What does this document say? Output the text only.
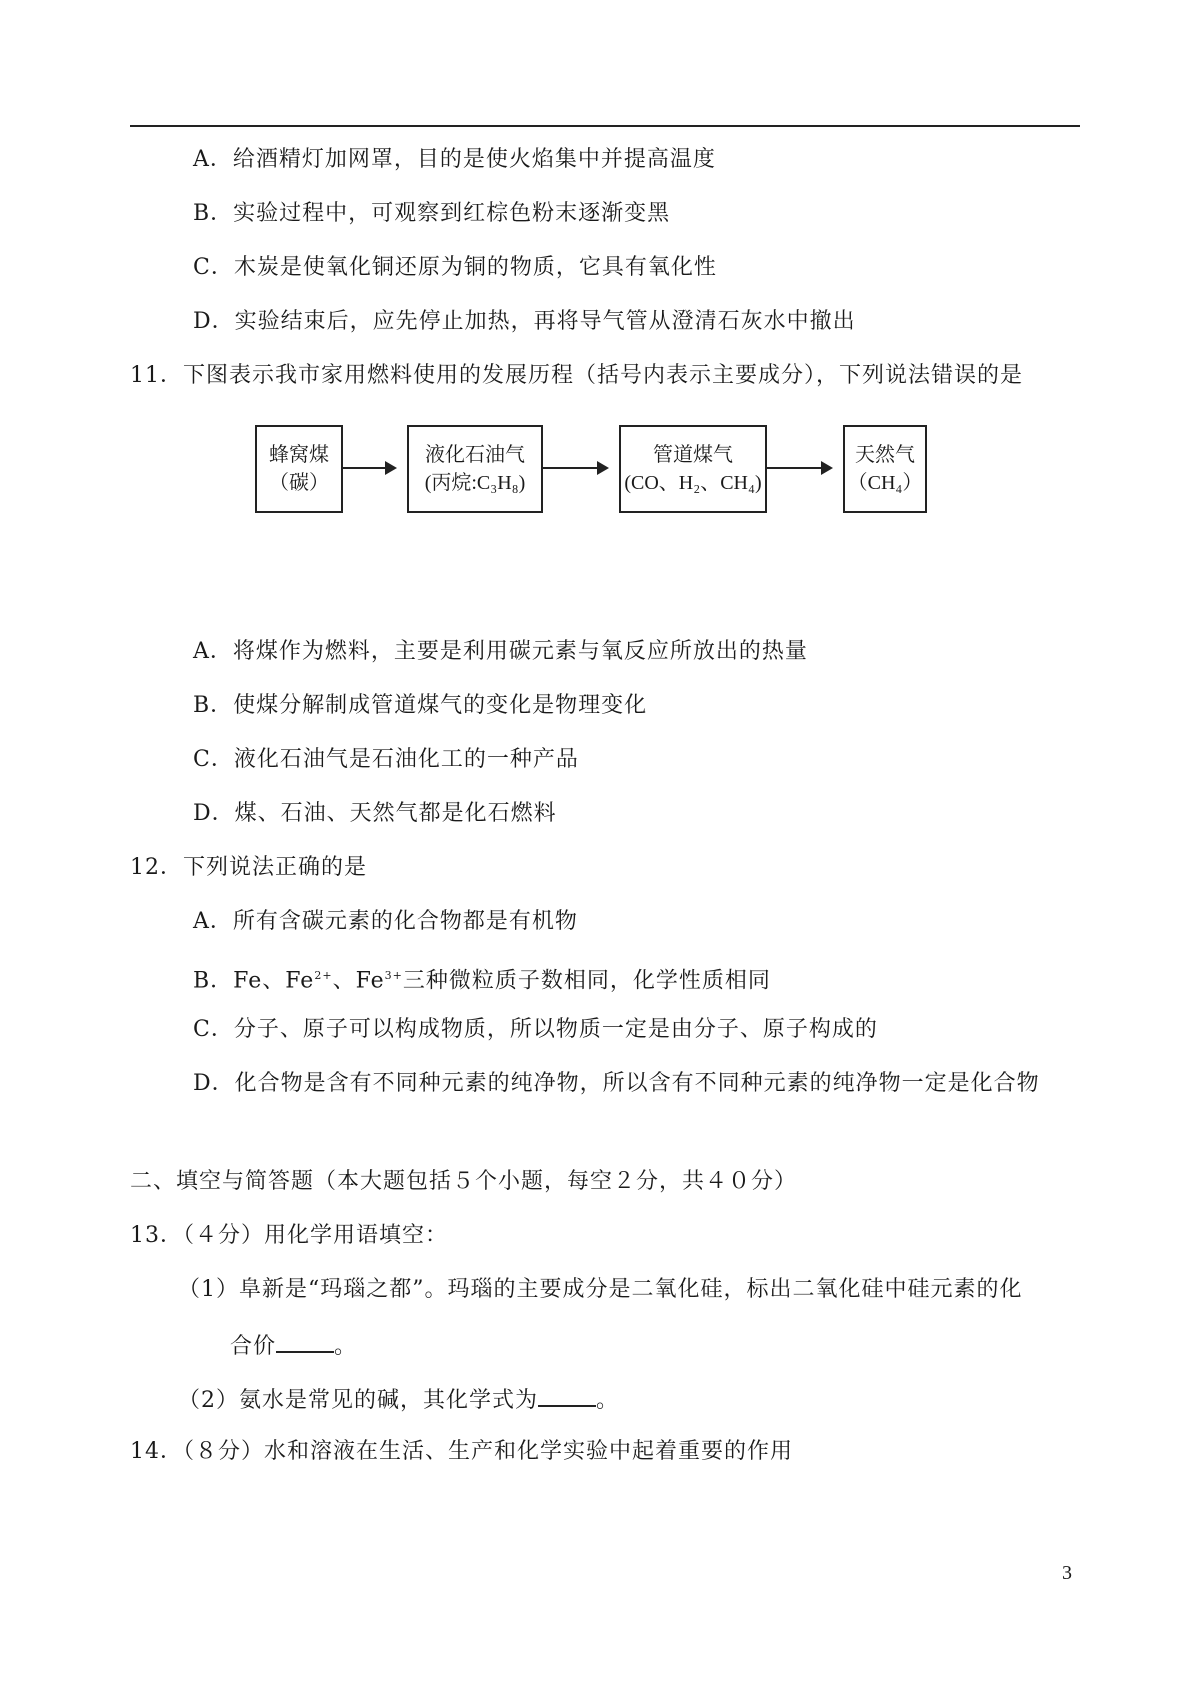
A．给酒精灯加网罩，目的是使火焰集中并提高温度
B．实验过程中，可观察到红棕色粉末逐渐变黑
C．木炭是使氧化铜还原为铜的物质，它具有氧化性
D．实验结束后，应先停止加热，再将导气管从澄清石灰水中撤出
11．下图表示我市家用燃料使用的发展历程（括号内表示主要成分），下列说法错误的是
蜂窝煤
（碳）
液化石油气
(丙烷:C₃H₈)
管道煤气
(CO、H₂、CH₄)
天然气
（CH₄）
A．将煤作为燃料，主要是利用碳元素与氧反应所放出的热量
B．使煤分解制成管道煤气的变化是物理变化
C．液化石油气是石油化工的一种产品
D．煤、石油、天然气都是化石燃料
12．下列说法正确的是
A．所有含碳元素的化合物都是有机物
B．Fe、$Fe^{2+}$、$Fe^{3+}$三种微粒质子数相同，化学性质相同
C．分子、原子可以构成物质，所以物质一定是由分子、原子构成的
D．化合物是含有不同种元素的纯净物，所以含有不同种元素的纯净物一定是化合物
二、填空与简答题（本大题包括５个小题，每空２分，共４０分）
13．（４分）用化学用语填空：
（1）阜新是“玛瑙之都”。玛瑙的主要成分是二氧化硅，标出二氧化硅中硅元素的化
合价	。
（2）氨水是常见的碱，其化学式为	。
14．（８分）水和溶液在生活、生产和化学实验中起着重要的作用
3
